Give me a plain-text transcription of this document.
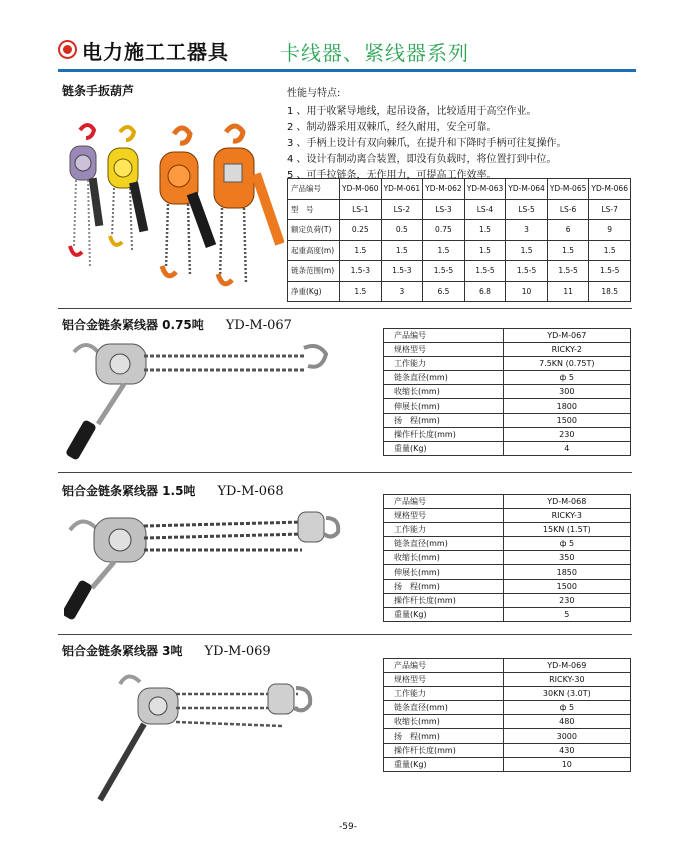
电力施工工器具	卡线器、紧线器系列
链条手扳葫芦	性能与特点:
1 、用于收紧导地线，起吊设备，比较适用于高空作业。
2 、制动器采用双棘爪，经久耐用，安全可靠。
3 、手柄上设计有双向棘爪，在提升和下降时手柄可往复操作。
4 、设计有制动离合装置，即没有负载时，将位置打到中位。
5 、可手拉链条，无作用力，可提高工作效率。
产品编号	YD-M-060	YD-M-061	YD-M-062	YD-M-063	YD-M-064	YD-M-065	YD-M-066
型　号	LS-1	LS-2	LS-3	LS-4	LS-5	LS-6	LS-7
额定负荷(T)	0.25	0.5	0.75	1.5	3	6	9
起重高度(m)	1.5	1.5	1.5	1.5	1.5	1.5	1.5
链条范围(m)	1.5-3	1.5-3	1.5-5	1.5-5	1.5-5	1.5-5	1.5-5
净重(Kg)	1.5	3	6.5	6.8	10	11	18.5
铝合金链条紧线器 0.75吨 YD-M-067
产品编号	YD-M-067
规格型号	RICKY-2
工作能力	7.5KN (0.75T)
链条直径(mm)	ф 5
收缩长(mm)	300
伸展长(mm)	1800
扬　程(mm)	1500
操作杆长度(mm)	230
重量(Kg)	4
铝合金链条紧线器 1.5吨 YD-M-068
产品编号	YD-M-068
规格型号	RICKY-3
工作能力	15KN (1.5T)
链条直径(mm)	ф 5
收缩长(mm)	350
伸展长(mm)	1850
扬　程(mm)	1500
操作杆长度(mm)	230
重量(Kg)	5
铝合金链条紧线器 3吨 YD-M-069
产品编号	YD-M-069
规格型号	RICKY-30
工作能力	30KN (3.0T)
链条直径(mm)	ф 5
收缩长(mm)	480
扬　程(mm)	3000
操作杆长度(mm)	430
重量(Kg)	10
-59-
